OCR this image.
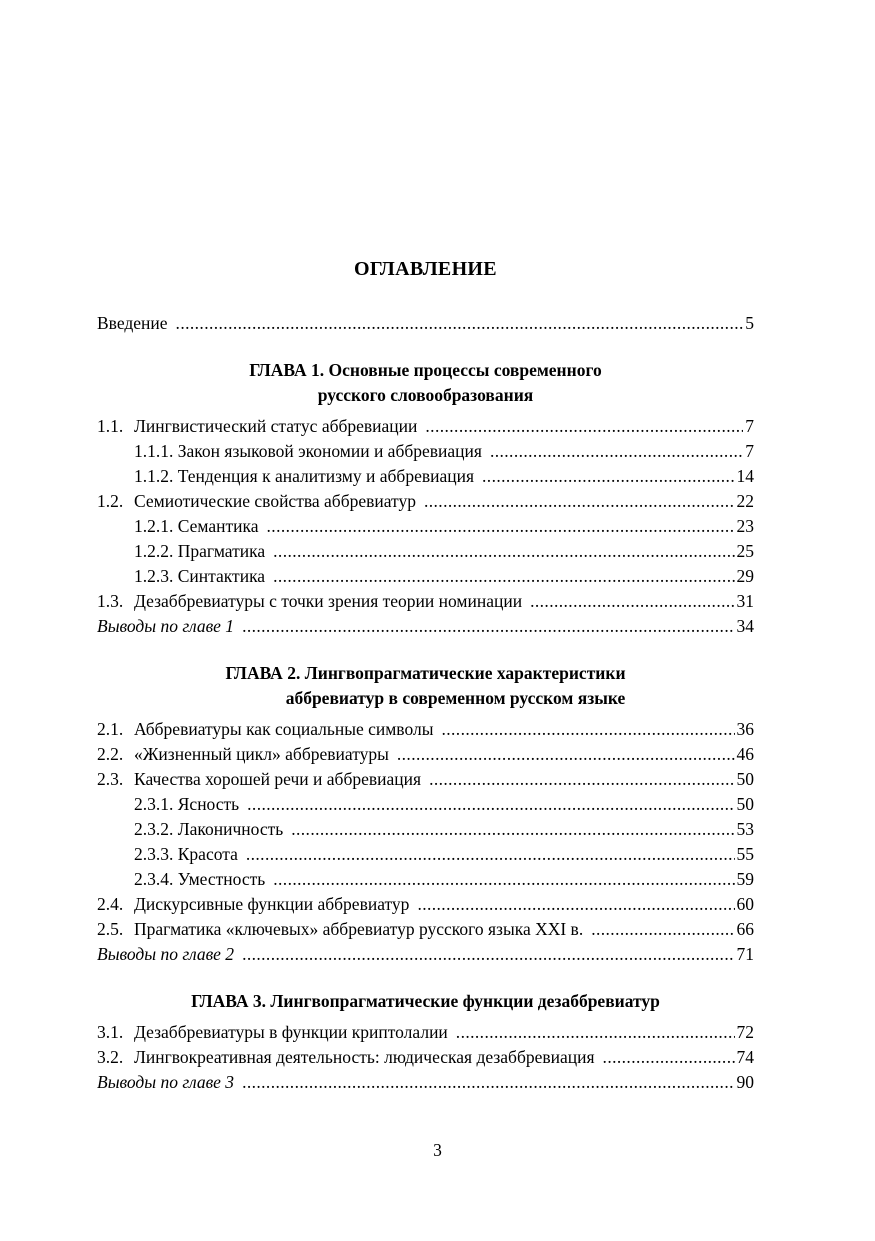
ОГЛАВЛЕНИЕ
Введение .....	5
ГЛАВА 1. Основные процессы современного
русского словообразования
1.1. Лингвистический статус аббревиации .....	7
1.1.1. Закон языковой экономии и аббревиация .....	7
1.1.2. Тенденция к аналитизму и аббревиация .....	14
1.2. Семиотические свойства аббревиатур .....	22
1.2.1. Семантика .....	23
1.2.2. Прагматика .....	25
1.2.3. Синтактика .....	29
1.3. Дезаббревиатуры с точки зрения теории номинации .....	31
Выводы по главе 1 .....	34
ГЛАВА 2. Лингвопрагматические характеристики
аббревиатур в современном русском языке
2.1. Аббревиатуры как социальные символы .....	36
2.2. «Жизненный цикл» аббревиатуры .....	46
2.3. Качества хорошей речи и аббревиация .....	50
2.3.1. Ясность .....	50
2.3.2. Лаконичность .....	53
2.3.3. Красота .....	55
2.3.4. Уместность .....	59
2.4. Дискурсивные функции аббревиатур .....	60
2.5. Прагматика «ключевых» аббревиатур русского языка XXI в. .....	66
Выводы по главе 2 .....	71
ГЛАВА 3. Лингвопрагматические функции дезаббревиатур
3.1. Дезаббревиатуры в функции криптолалии .....	72
3.2. Лингвокреативная деятельность: людическая дезаббревиация .....	74
Выводы по главе 3 .....	90
3
